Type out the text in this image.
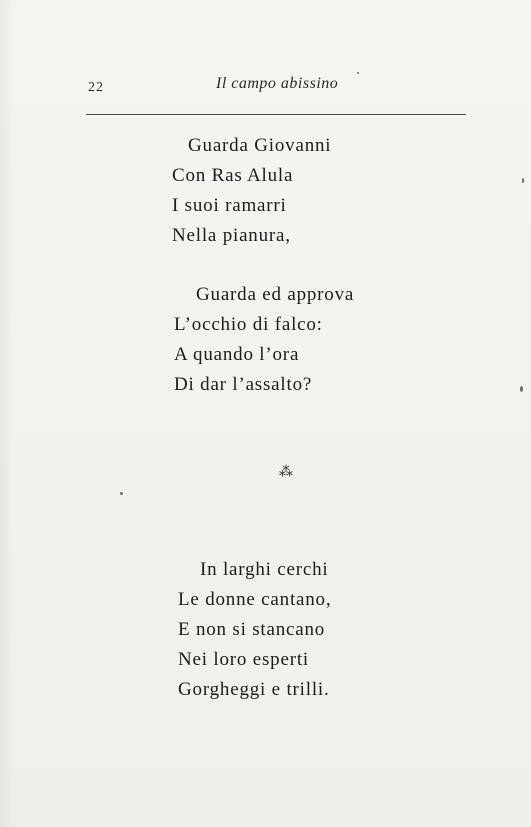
22	Il campo abissino
Guarda Giovanni
Con Ras Alula
I suoi ramarri
Nella pianura,
Guarda ed approva
L’occhio di falco:
A quando l’ora
Di dar l’assalto?
⁂
In larghi cerchi
Le donne cantano,
E non si stancano
Nei loro esperti
Gorgheggi e trilli.
